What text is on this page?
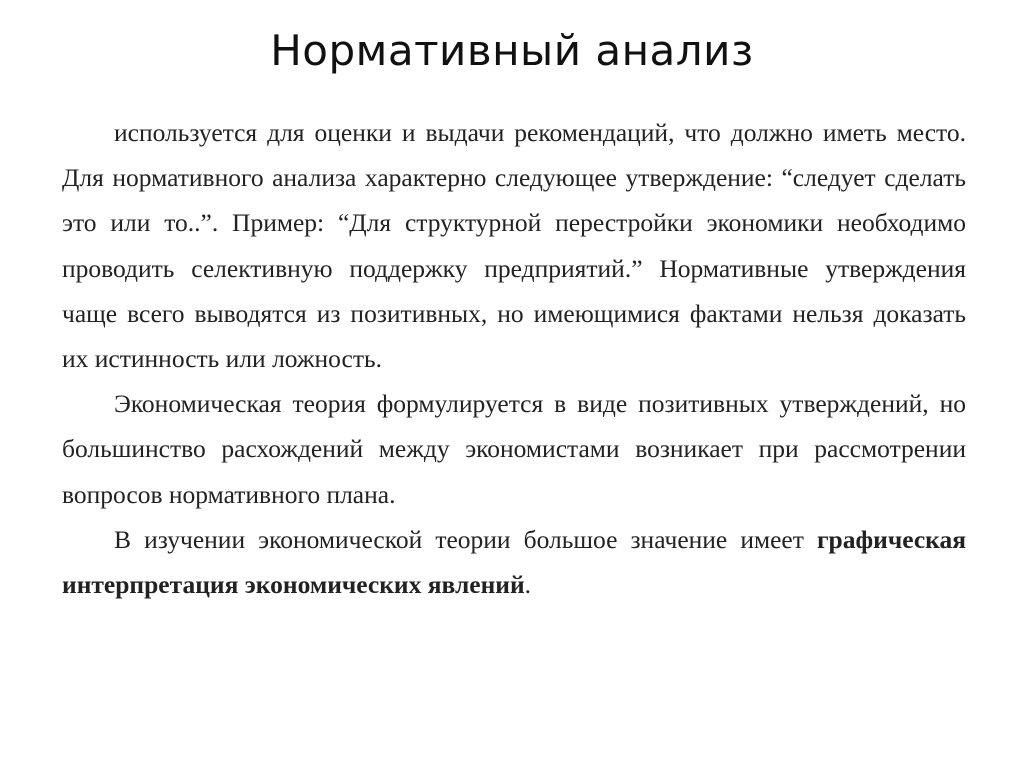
Нормативный анализ

используется для оценки и выдачи рекомендаций, что должно иметь место. Для нормативного анализа характерно следующее утверждение: “следует сделать это или то..”. Пример: “Для структурной перестройки экономики необходимо проводить селективную поддержку предприятий.” Нормативные утверждения чаще всего выводятся из позитивных, но имеющимися фактами нельзя доказать их истинность или ложность.

Экономическая теория формулируется в виде позитивных утверждений, но большинство расхождений между экономистами возникает при рассмотрении вопросов нормативного плана.

В изучении экономической теории большое значение имеет графическая интерпретация экономических явлений.
